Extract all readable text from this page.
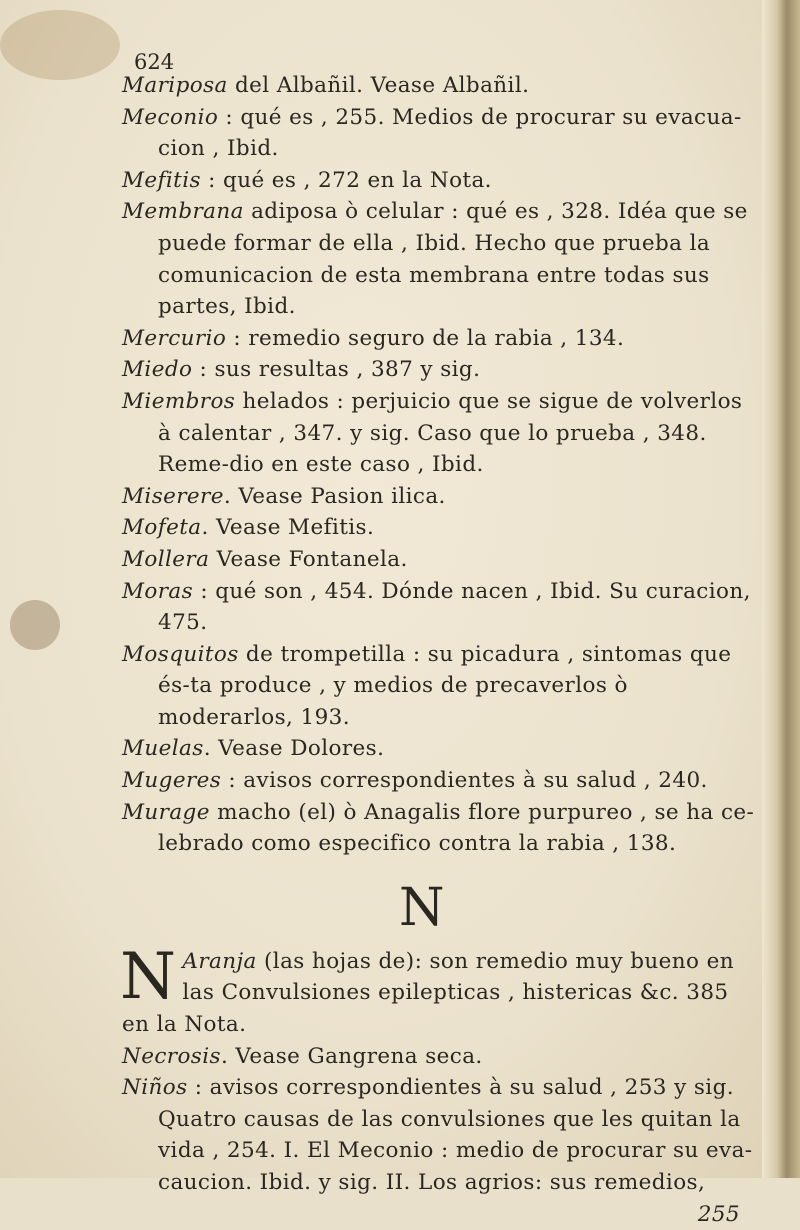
624

Mariposa del Albañil. Vease Albañil.

Meconio : qué es , 255. Medios de procurar su evacua-cion , Ibid.

Mefitis : qué es , 272 en la Nota.

Membrana adiposa ò celular : qué es , 328. Idéa que se puede formar de ella , Ibid. Hecho que prueba la comunicacion de esta membrana entre todas sus partes, Ibid.

Mercurio : remedio seguro de la rabia , 134.

Miedo : sus resultas , 387 y sig.

Miembros helados : perjuicio que se sigue de volverlos à calentar , 347. y sig. Caso que lo prueba , 348. Reme-dio en este caso , Ibid.

Miserere. Vease Pasion ilica.

Mofeta. Vease Mefitis.

Mollera Vease Fontanela.

Moras : qué son , 454. Dónde nacen , Ibid. Su curacion, 475.

Mosquitos de trompetilla : su picadura , sintomas que és-ta produce , y medios de precaverlos ò moderarlos, 193.

Muelas. Vease Dolores.

Mugeres : avisos correspondientes à su salud , 240.

Murage macho (el) ò Anagalis flore purpureo , se ha ce-lebrado como especifico contra la rabia , 138.

N

N Aranja (las hojas de): son remedio muy bueno en las Convulsiones epilepticas , histericas &c. 385 en la Nota.

Necrosis. Vease Gangrena seca.

Niños : avisos correspondientes à su salud , 253 y sig. Quatro causas de las convulsiones que les quitan la vida , 254. I. El Meconio : medio de procurar su eva-caucion. Ibid. y sig. II. Los agrios: sus remedios,

255
